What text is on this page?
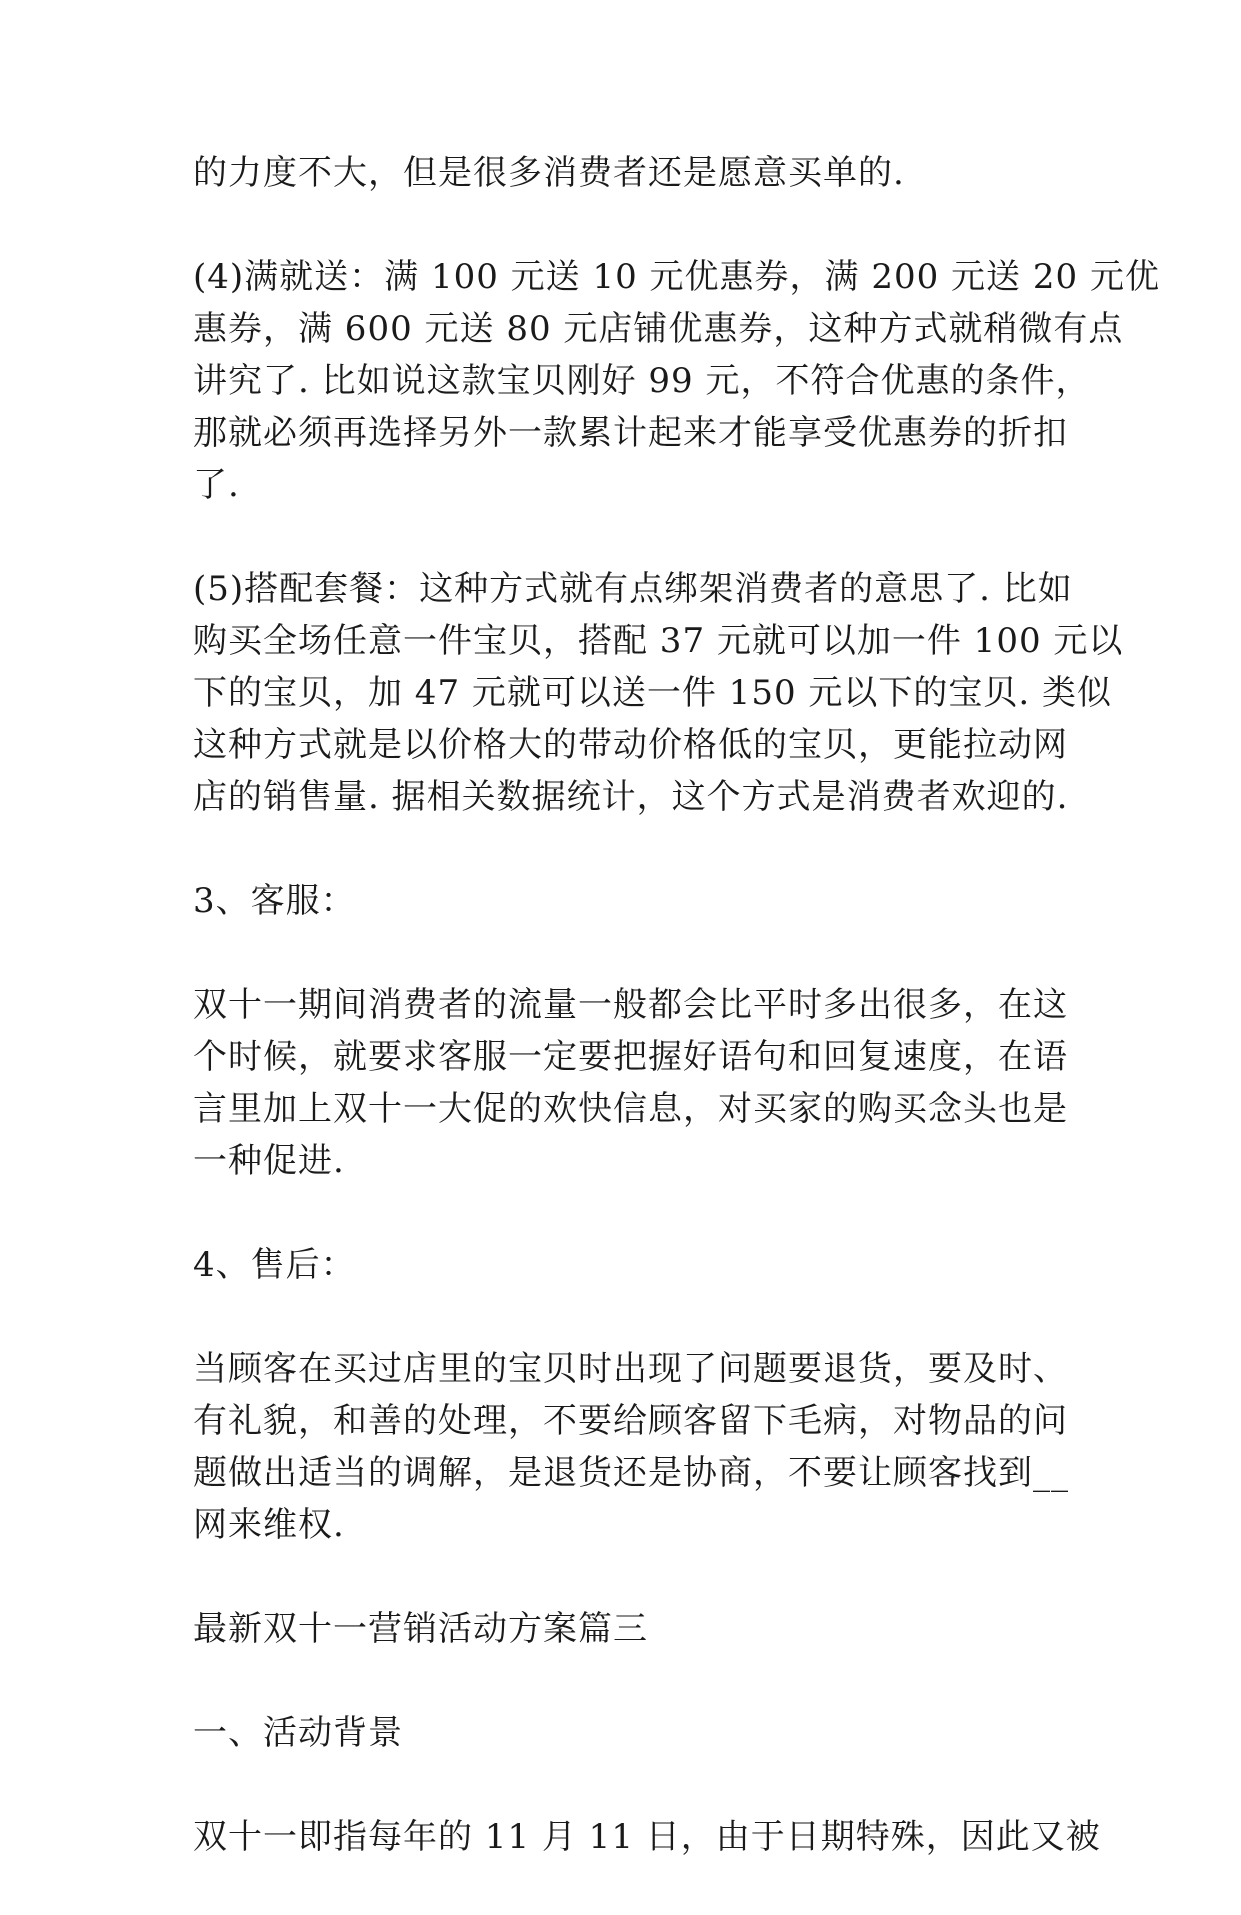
的力度不大，但是很多消费者还是愿意买单的.

(4)满就送：满 100 元送 10 元优惠券，满 200 元送 20 元优
惠券，满 600 元送 80 元店铺优惠券，这种方式就稍微有点
讲究了. 比如说这款宝贝刚好 99 元，不符合优惠的条件，
那就必须再选择另外一款累计起来才能享受优惠券的折扣
了.

(5)搭配套餐：这种方式就有点绑架消费者的意思了. 比如
购买全场任意一件宝贝，搭配 37 元就可以加一件 100 元以
下的宝贝，加 47 元就可以送一件 150 元以下的宝贝. 类似
这种方式就是以价格大的带动价格低的宝贝，更能拉动网
店的销售量. 据相关数据统计，这个方式是消费者欢迎的.

3、客服：

双十一期间消费者的流量一般都会比平时多出很多，在这
个时候，就要求客服一定要把握好语句和回复速度，在语
言里加上双十一大促的欢快信息，对买家的购买念头也是
一种促进.

4、售后：

当顾客在买过店里的宝贝时出现了问题要退货，要及时、
有礼貌，和善的处理，不要给顾客留下毛病，对物品的问
题做出适当的调解，是退货还是协商，不要让顾客找到__
网来维权.

最新双十一营销活动方案篇三

一、活动背景

双十一即指每年的 11 月 11 日，由于日期特殊，因此又被
